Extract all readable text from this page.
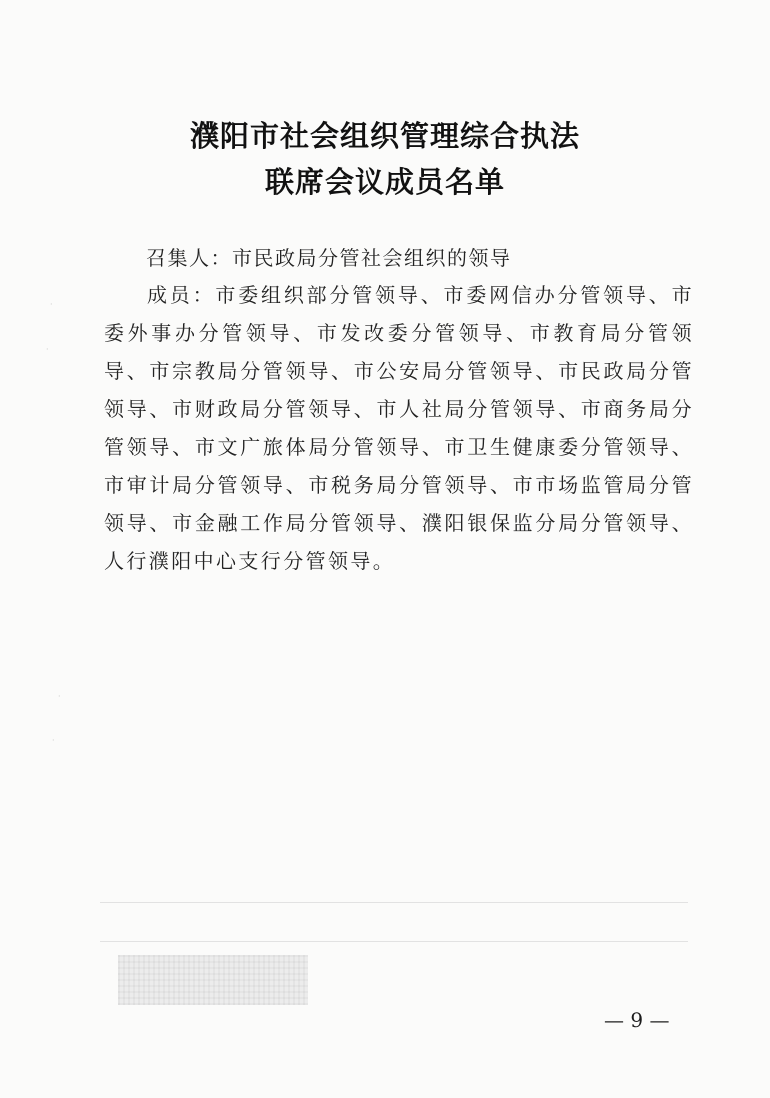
·
·
·
·
濮阳市社会组织管理综合执法
联席会议成员名单
召集人：市民政局分管社会组织的领导
成员：市委组织部分管领导、市委网信办分管领导、市委外事办分管领导、市发改委分管领导、市教育局分管领导、市宗教局分管领导、市公安局分管领导、市民政局分管领导、市财政局分管领导、市人社局分管领导、市商务局分管领导、市文广旅体局分管领导、市卫生健康委分管领导、市审计局分管领导、市税务局分管领导、市市场监管局分管领导、市金融工作局分管领导、濮阳银保监分局分管领导、人行濮阳中心支行分管领导。
— 9 —
